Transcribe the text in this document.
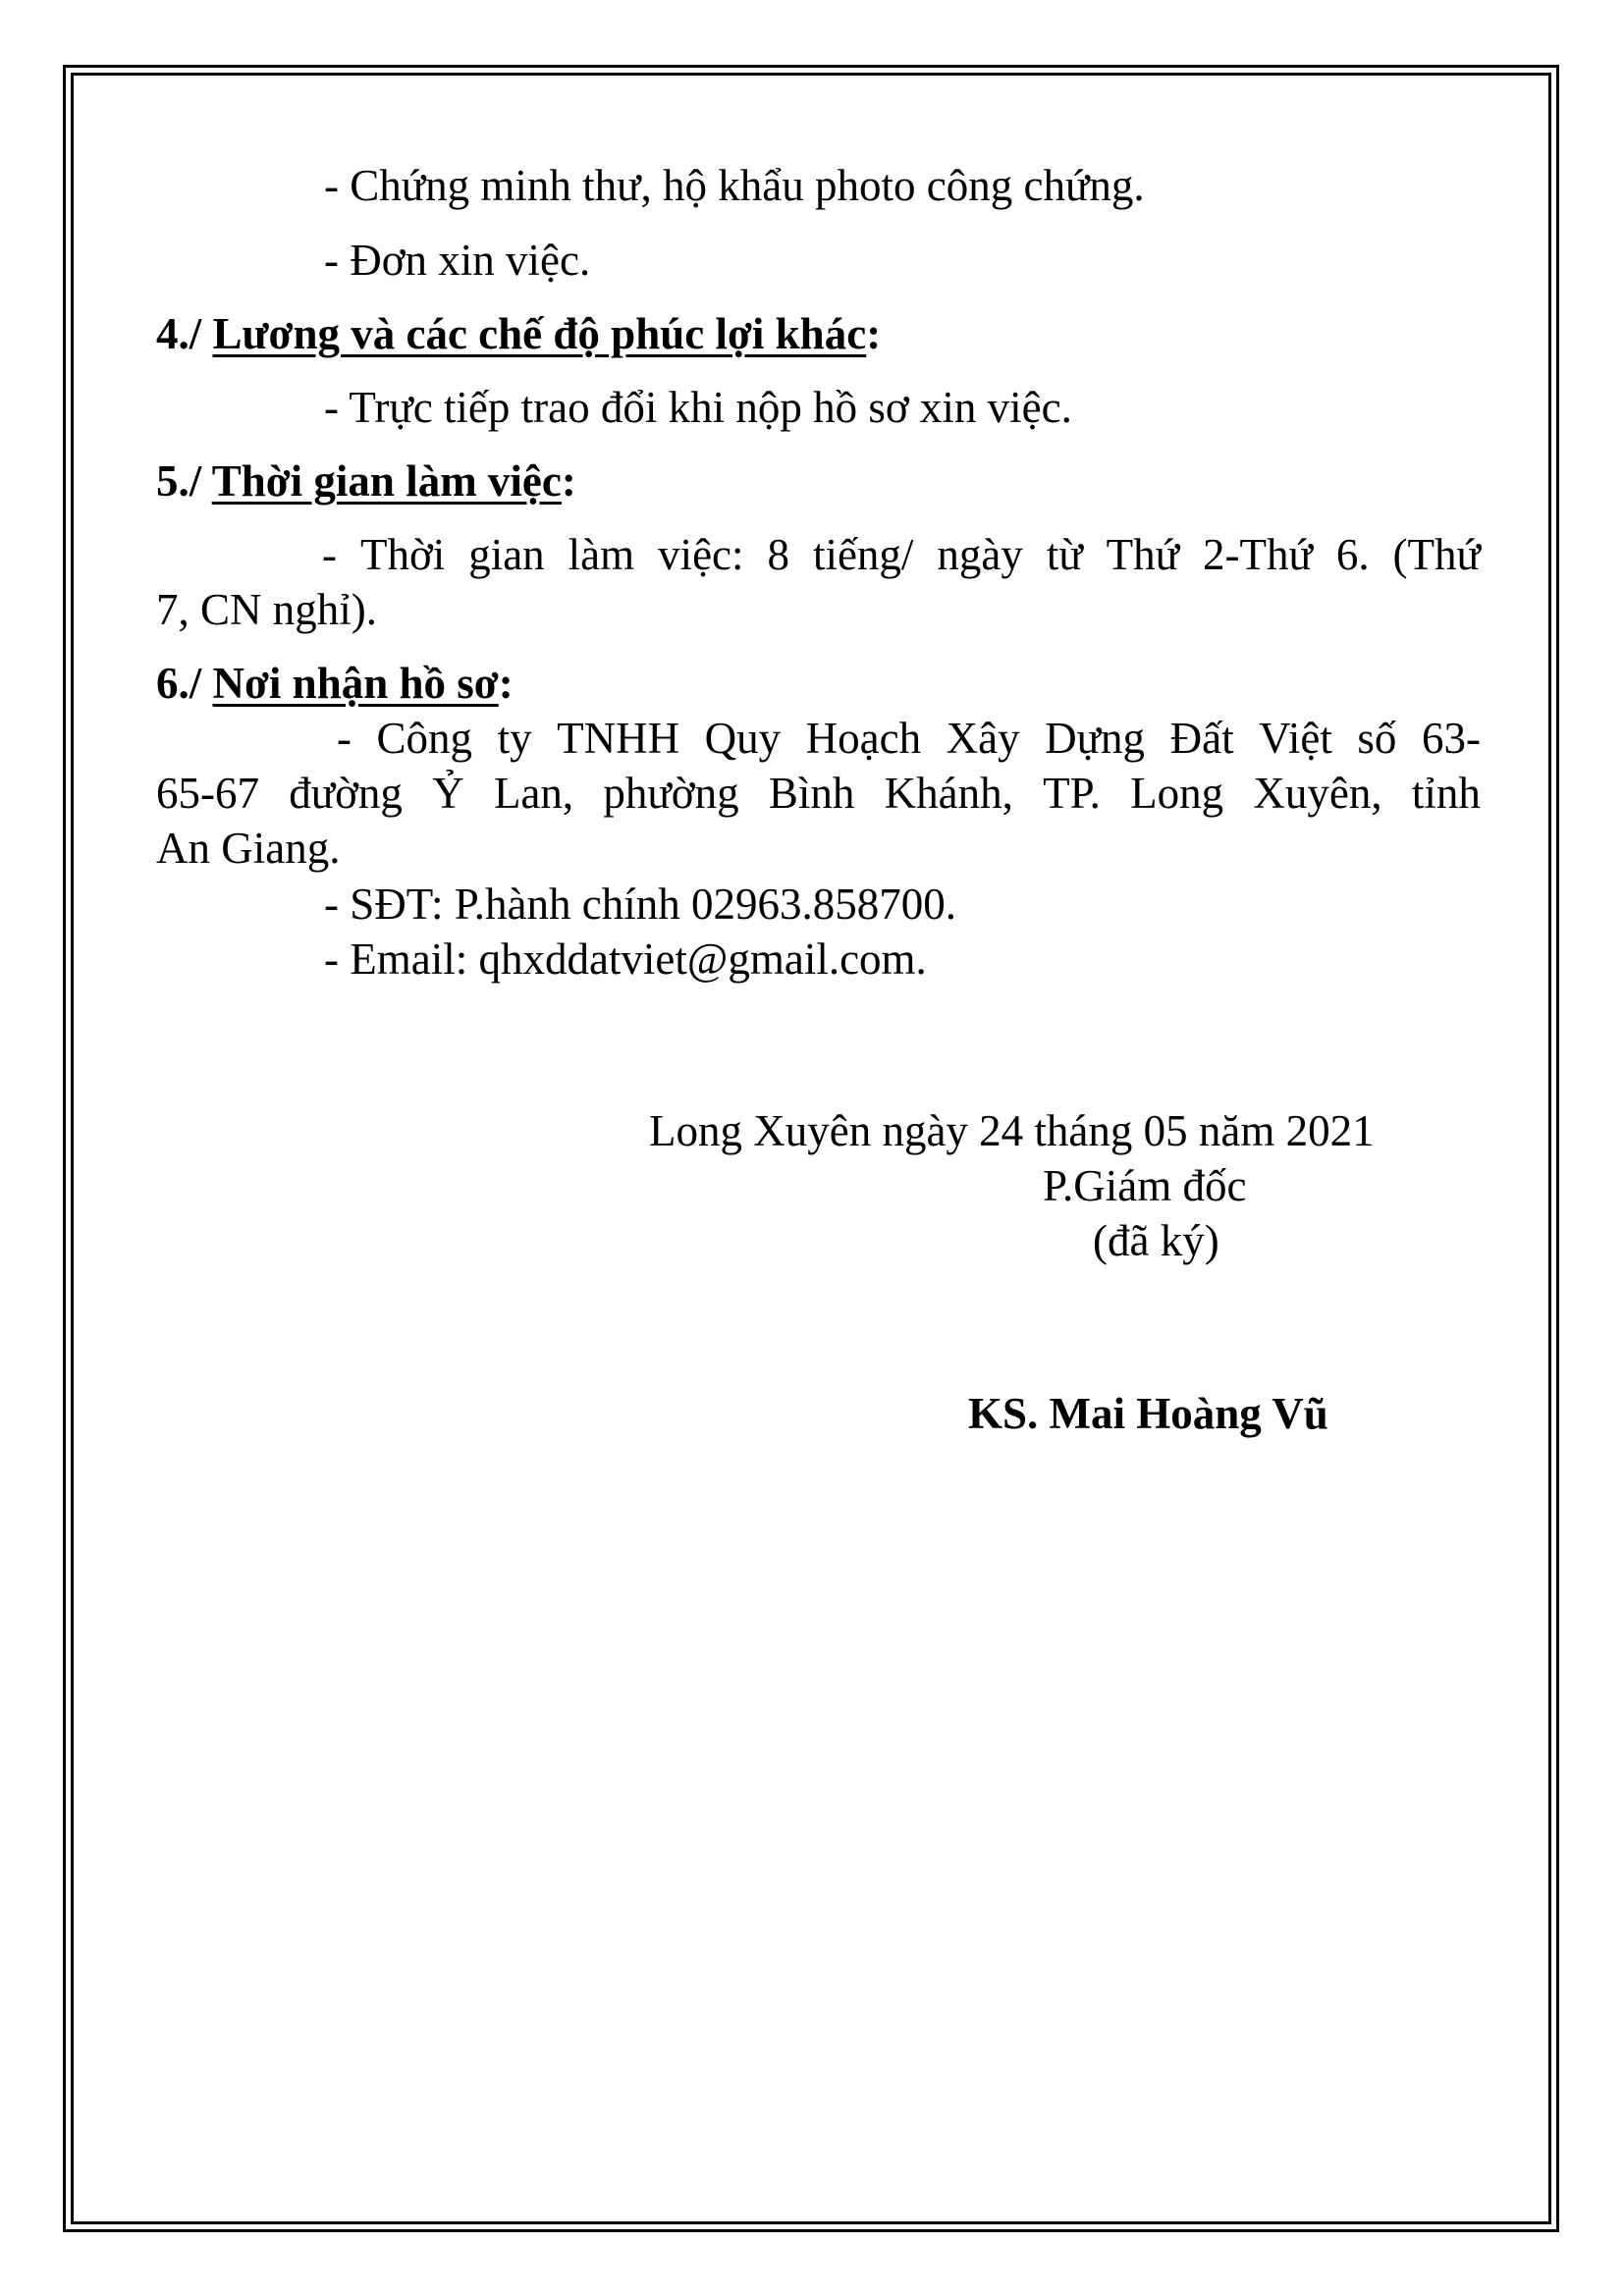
- Chứng minh thư, hộ khẩu photo công chứng.
- Đơn xin việc.
4./ Lương và các chế độ phúc lợi khác:
- Trực tiếp trao đổi khi nộp hồ sơ xin việc.
5./ Thời gian làm việc:
- Thời gian làm việc: 8 tiếng/ ngày từ Thứ 2-Thứ 6. (Thứ
7, CN nghỉ).
6./ Nơi nhận hồ sơ:
- Công ty TNHH Quy Hoạch Xây Dựng Đất Việt số 63-
65-67 đường Ỷ Lan, phường Bình Khánh, TP. Long Xuyên, tỉnh
An Giang.
- SĐT: P.hành chính 02963.858700.
- Email: qhxddatviet@gmail.com.
Long Xuyên ngày 24 tháng 05 năm 2021
P.Giám đốc
(đã ký)
KS. Mai Hoàng Vũ
